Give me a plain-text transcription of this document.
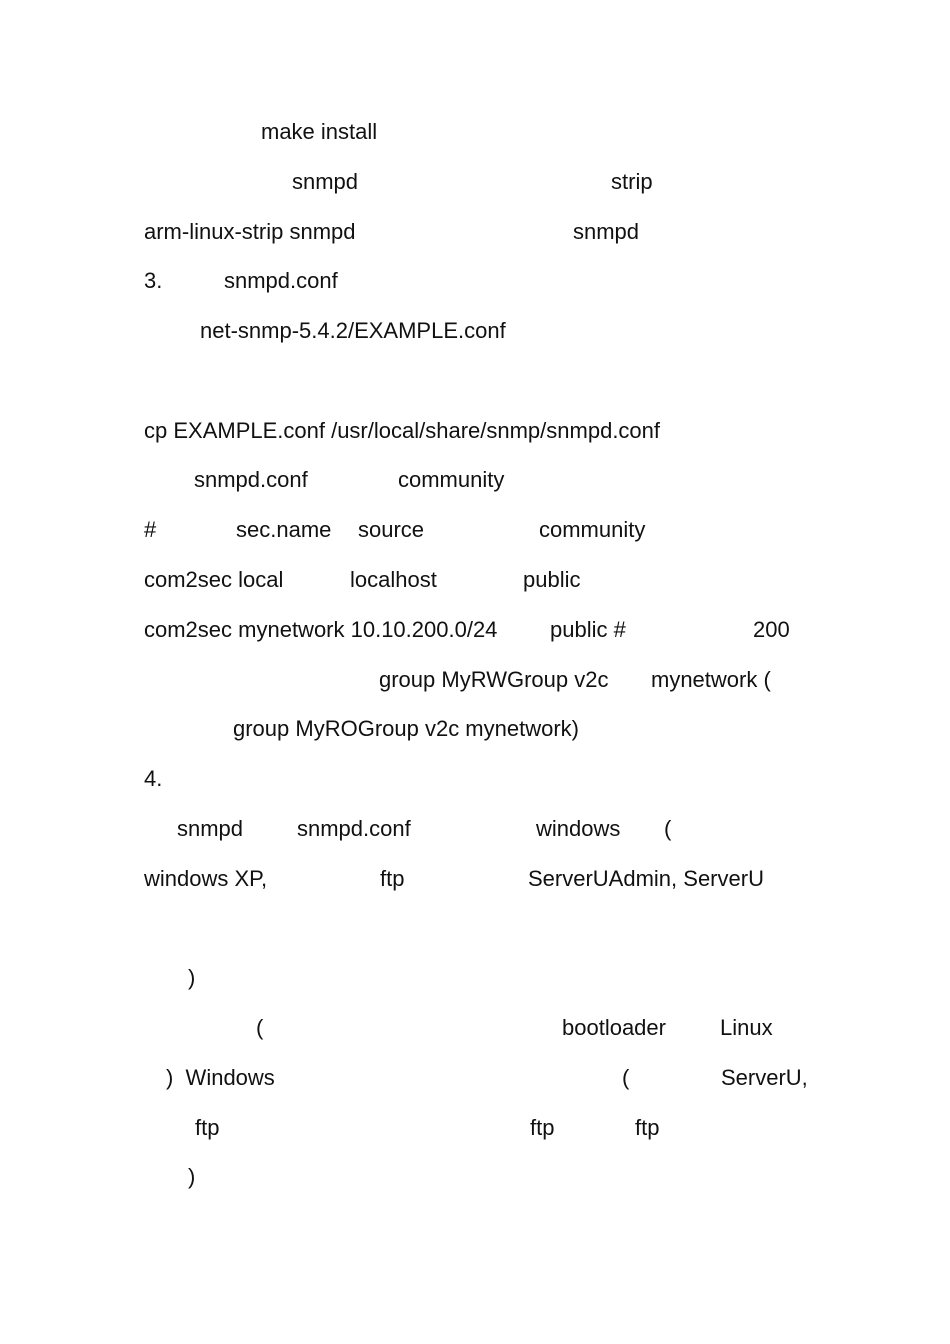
make install
snmpd	strip
arm-linux-strip snmpd	snmpd
3.	snmpd.conf
net-snmp-5.4.2/EXAMPLE.conf
cp EXAMPLE.conf /usr/local/share/snmp/snmpd.conf
snmpd.conf	community
#	sec.name source	community
com2sec local	localhost	public
com2sec mynetwork 10.10.200.0/24 public #	200
group MyRWGroup v2c mynetwork (
group MyROGroup v2c mynetwork)
4.
snmpd snmpd.conf	windows (
windows XP,	ftp	ServerUAdmin, ServerU
)
(	bootloader Linux
)  Windows	(	ServerU,
ftp	ftp	ftp
)
